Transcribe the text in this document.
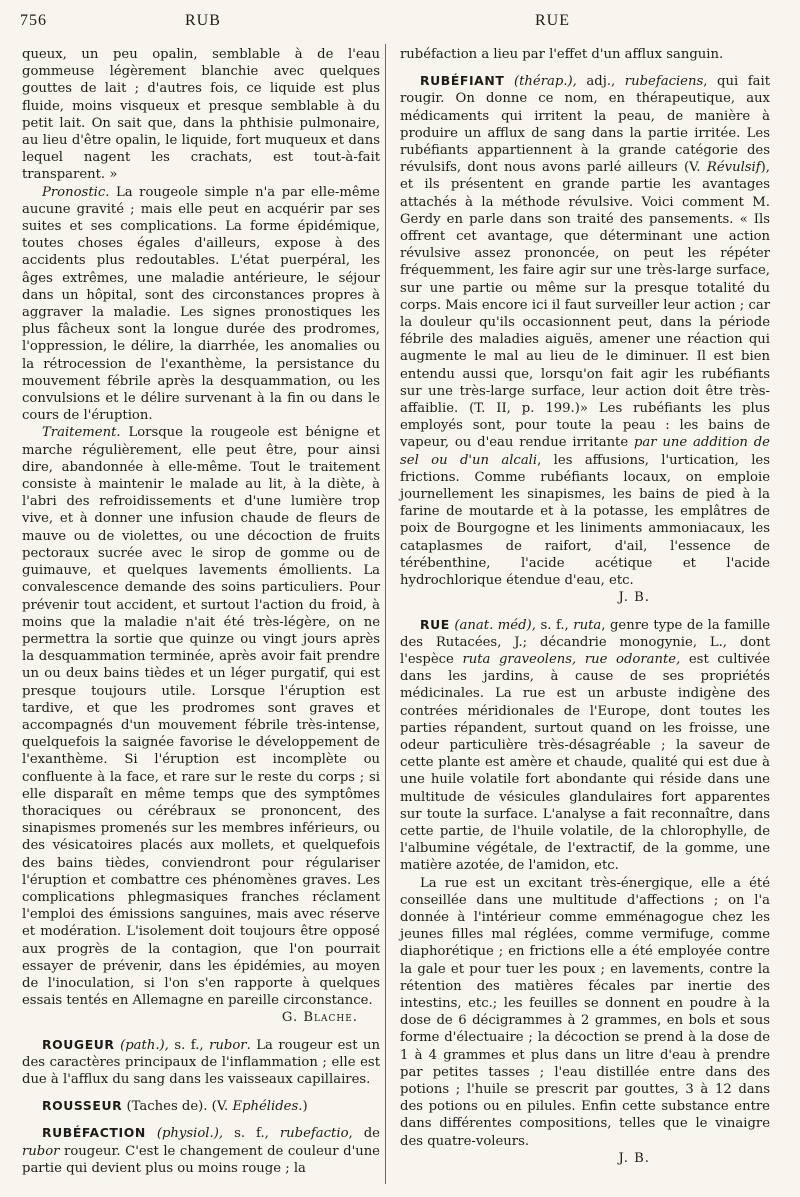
756	RUB	RUE

queux, un peu opalin, semblable à de l'eau gommeuse légèrement blanchie avec quelques gouttes de lait ; d'autres fois, ce liquide est plus fluide, moins visqueux et presque semblable à du petit lait. On sait que, dans la phthisie pulmonaire, au lieu d'être opalin, le liquide, fort muqueux et dans lequel nagent les crachats, est tout-à-fait transparent. »

Pronostic. La rougeole simple n'a par elle-même aucune gravité ; mais elle peut en acquérir par ses suites et ses complications. La forme épidémique, toutes choses égales d'ailleurs, expose à des accidents plus redoutables. L'état puerpéral, les âges extrêmes, une maladie antérieure, le séjour dans un hôpital, sont des circonstances propres à aggraver la maladie. Les signes pronostiques les plus fâcheux sont la longue durée des prodromes, l'oppression, le délire, la diarrhée, les anomalies ou la rétrocession de l'exanthème, la persistance du mouvement fébrile après la desquammation, ou les convulsions et le délire survenant à la fin ou dans le cours de l'éruption.

Traitement. Lorsque la rougeole est bénigne et marche régulièrement, elle peut être, pour ainsi dire, abandonnée à elle-même. Tout le traitement consiste à maintenir le malade au lit, à la diète, à l'abri des refroidissements et d'une lumière trop vive, et à donner une infusion chaude de fleurs de mauve ou de violettes, ou une décoction de fruits pectoraux sucrée avec le sirop de gomme ou de guimauve, et quelques lavements émollients. La convalescence demande des soins particuliers. Pour prévenir tout accident, et surtout l'action du froid, à moins que la maladie n'ait été très-légère, on ne permettra la sortie que quinze ou vingt jours après la desquammation terminée, après avoir fait prendre un ou deux bains tièdes et un léger purgatif, qui est presque toujours utile. Lorsque l'éruption est tardive, et que les prodromes sont graves et accompagnés d'un mouvement fébrile très-intense, quelquefois la saignée favorise le développement de l'exanthème. Si l'éruption est incomplète ou confluente à la face, et rare sur le reste du corps ; si elle disparaît en même temps que des symptômes thoraciques ou cérébraux se prononcent, des sinapismes promenés sur les membres inférieurs, ou des vésicatoires placés aux mollets, et quelquefois des bains tièdes, conviendront pour régulariser l'éruption et combattre ces phénomènes graves. Les complications phlegmasiques franches réclament l'emploi des émissions sanguines, mais avec réserve et modération. L'isolement doit toujours être opposé aux progrès de la contagion, que l'on pourrait essayer de prévenir, dans les épidémies, au moyen de l'inoculation, si l'on s'en rapporte à quelques essais tentés en Allemagne en pareille circonstance.

G. Blache.

ROUGEUR (path.), s. f., rubor. La rougeur est un des caractères principaux de l'inflammation ; elle est due à l'afflux du sang dans les vaisseaux capillaires.

ROUSSEUR (Taches de). (V. Ephélides.)

RUBÉFACTION (physiol.), s. f., rubefactio, de rubor rougeur. C'est le changement de couleur d'une partie qui devient plus ou moins rouge ; la

rubéfaction a lieu par l'effet d'un afflux sanguin.

RUBÉFIANT (thérap.), adj., rubefaciens, qui fait rougir. On donne ce nom, en thérapeutique, aux médicaments qui irritent la peau, de manière à produire un afflux de sang dans la partie irritée. Les rubéfiants appartiennent à la grande catégorie des révulsifs, dont nous avons parlé ailleurs (V. Révulsif), et ils présentent en grande partie les avantages attachés à la méthode révulsive. Voici comment M. Gerdy en parle dans son traité des pansements. « Ils offrent cet avantage, que déterminant une action révulsive assez prononcée, on peut les répéter fréquemment, les faire agir sur une très-large surface, sur une partie ou même sur la presque totalité du corps. Mais encore ici il faut surveiller leur action ; car la douleur qu'ils occasionnent peut, dans la période fébrile des maladies aiguës, amener une réaction qui augmente le mal au lieu de le diminuer. Il est bien entendu aussi que, lorsqu'on fait agir les rubéfiants sur une très-large surface, leur action doit être très-affaiblie. (T. II, p. 199.)» Les rubéfiants les plus employés sont, pour toute la peau : les bains de vapeur, ou d'eau rendue irritante par une addition de sel ou d'un alcali, les affusions, l'urtication, les frictions. Comme rubéfiants locaux, on emploie journellement les sinapismes, les bains de pied à la farine de moutarde et à la potasse, les emplâtres de poix de Bourgogne et les liniments ammoniacaux, les cataplasmes de raifort, d'ail, l'essence de térébenthine, l'acide acétique et l'acide hydrochlorique étendue d'eau, etc.

J. B.

RUE (anat. méd), s. f., ruta, genre type de la famille des Rutacées, J.; décandrie monogynie, L., dont l'espèce ruta graveolens, rue odorante, est cultivée dans les jardins, à cause de ses propriétés médicinales. La rue est un arbuste indigène des contrées méridionales de l'Europe, dont toutes les parties répandent, surtout quand on les froisse, une odeur particulière très-désagréable ; la saveur de cette plante est amère et chaude, qualité qui est due à une huile volatile fort abondante qui réside dans une multitude de vésicules glandulaires fort apparentes sur toute la surface. L'analyse a fait reconnaître, dans cette partie, de l'huile volatile, de la chlorophylle, de l'albumine végétale, de l'extractif, de la gomme, une matière azotée, de l'amidon, etc.

La rue est un excitant très-énergique, elle a été conseillée dans une multitude d'affections ; on l'a donnée à l'intérieur comme emménagogue chez les jeunes filles mal réglées, comme vermifuge, comme diaphorétique ; en frictions elle a été employée contre la gale et pour tuer les poux ; en lavements, contre la rétention des matières fécales par inertie des intestins, etc.; les feuilles se donnent en poudre à la dose de 6 décigrammes à 2 grammes, en bols et sous forme d'électuaire ; la décoction se prend à la dose de 1 à 4 grammes et plus dans un litre d'eau à prendre par petites tasses ; l'eau distillée entre dans des potions ; l'huile se prescrit par gouttes, 3 à 12 dans des potions ou en pilules. Enfin cette substance entre dans différentes compositions, telles que le vinaigre des quatre-voleurs.

J. B.
